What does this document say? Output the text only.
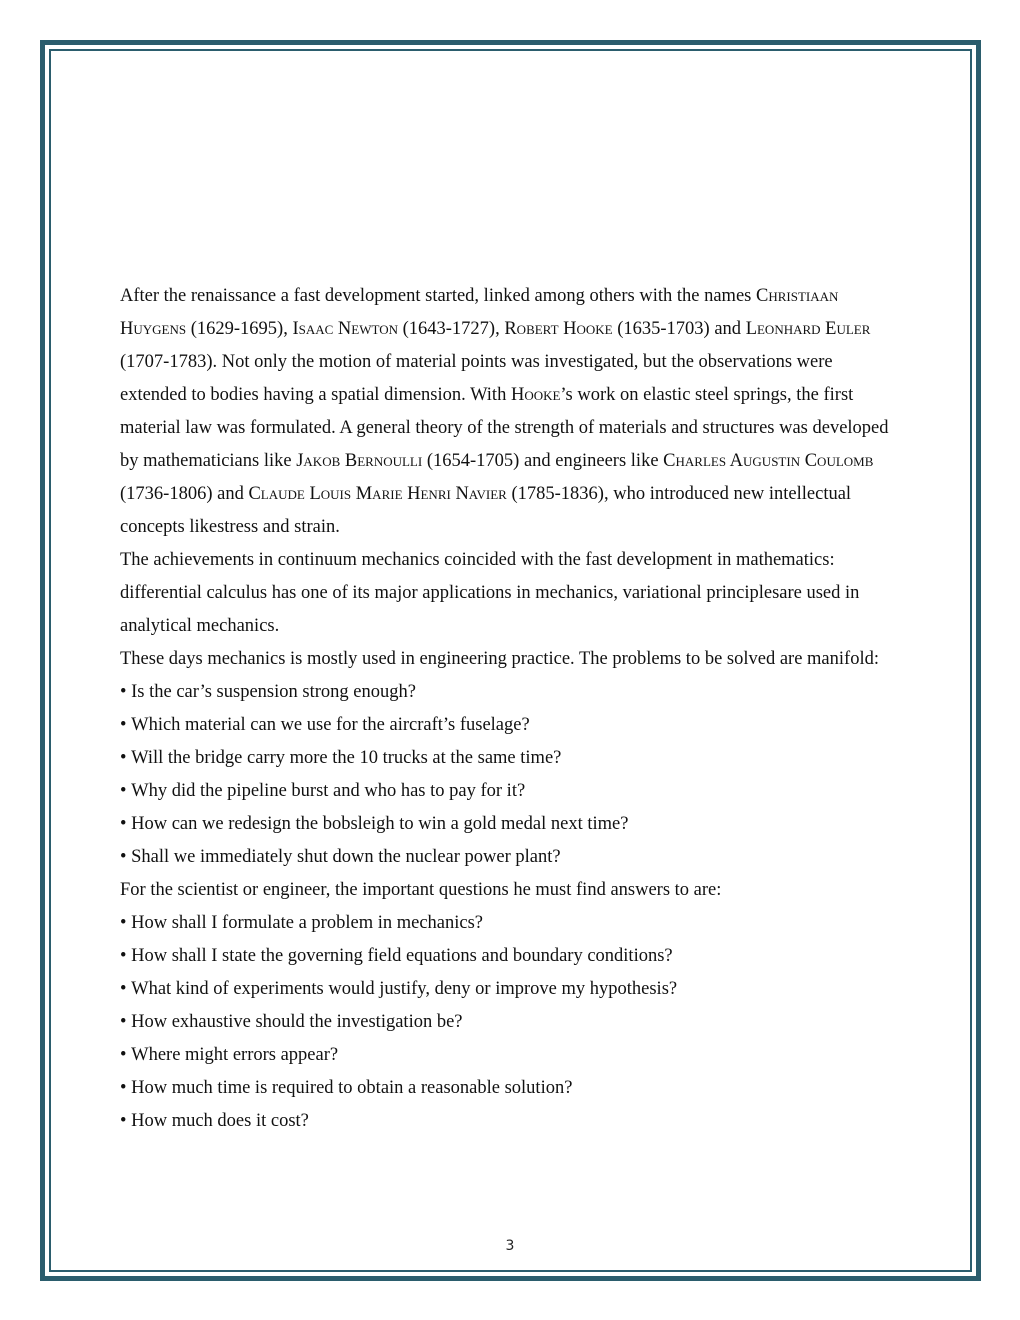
After the renaissance a fast development started, linked among others with the names Christiaan Huygens (1629-1695), Isaac Newton (1643-1727), Robert Hooke (1635-1703) and Leonhard Euler (1707-1783). Not only the motion of material points was investigated, but the observations were extended to bodies having a spatial dimension. With Hooke’s work on elastic steel springs, the first material law was formulated. A general theory of the strength of materials and structures was developed by mathematicians like Jakob Bernoulli (1654-1705) and engineers like Charles Augustin Coulomb (1736-1806) and Claude Louis Marie Henri Navier (1785-1836), who introduced new intellectual concepts likestress and strain.

The achievements in continuum mechanics coincided with the fast development in mathematics: differential calculus has one of its major applications in mechanics, variational principlesare used in analytical mechanics.

These days mechanics is mostly used in engineering practice. The problems to be solved are manifold:

• Is the car’s suspension strong enough?
• Which material can we use for the aircraft’s fuselage?
• Will the bridge carry more the 10 trucks at the same time?
• Why did the pipeline burst and who has to pay for it?
• How can we redesign the bobsleigh to win a gold medal next time?
• Shall we immediately shut down the nuclear power plant?

For the scientist or engineer, the important questions he must find answers to are:

• How shall I formulate a problem in mechanics?
• How shall I state the governing field equations and boundary conditions?
• What kind of experiments would justify, deny or improve my hypothesis?
• How exhaustive should the investigation be?
• Where might errors appear?
• How much time is required to obtain a reasonable solution?
• How much does it cost?
3
